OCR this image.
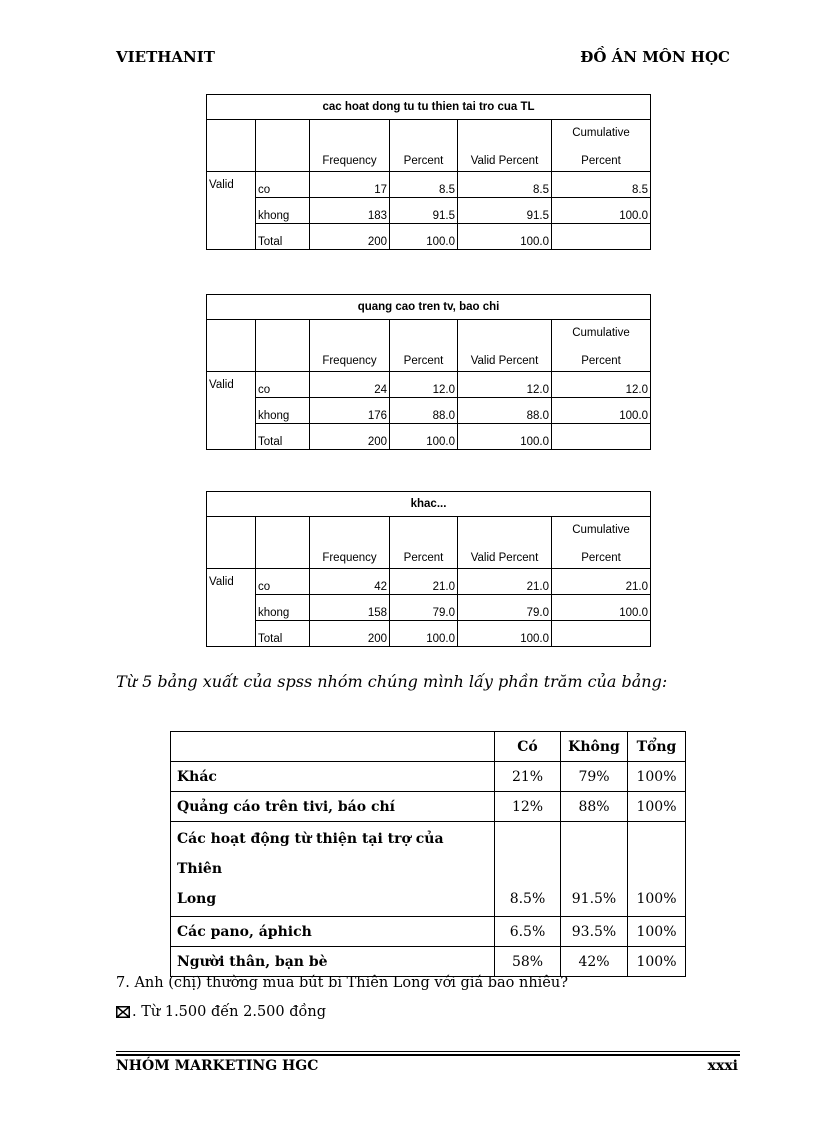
VIETHANIT	ĐỒ ÁN MÔN HỌC
cac hoat dong tu tu thien tai tro cua TL					
		Frequency	Percent	Valid Percent	Cumulative

Percent
Valid	co	17	8.5	8.5	8.5
	khong	183	91.5	91.5	100.0
	Total	200	100.0	100.0	
quang cao tren tv, bao chi					
		Frequency	Percent	Valid Percent	Cumulative

Percent
Valid	co	24	12.0	12.0	12.0
	khong	176	88.0	88.0	100.0
	Total	200	100.0	100.0	
khac...					
		Frequency	Percent	Valid Percent	Cumulative

Percent
Valid	co	42	21.0	21.0	21.0
	khong	158	79.0	79.0	100.0
	Total	200	100.0	100.0	
Từ 5 bảng xuất của spss nhóm chúng mình lấy phần trăm của bảng:
	Có	Không	Tổng
Khác	21%	79%	100%
Quảng cáo trên tivi, báo chí	12%	88%	100%
Các hoạt động từ thiện tại trợ của Thiên
Long	8.5%	91.5%	100%
Các pano, áphich	6.5%	93.5%	100%
Người thân, bạn bè	58%	42%	100%
7. Anh (chị) thường mua bút bi Thiên Long với giá bao nhiêu?
. Từ 1.500 đến 2.500 đồng
NHÓM MARKETING HGC	xxxi
